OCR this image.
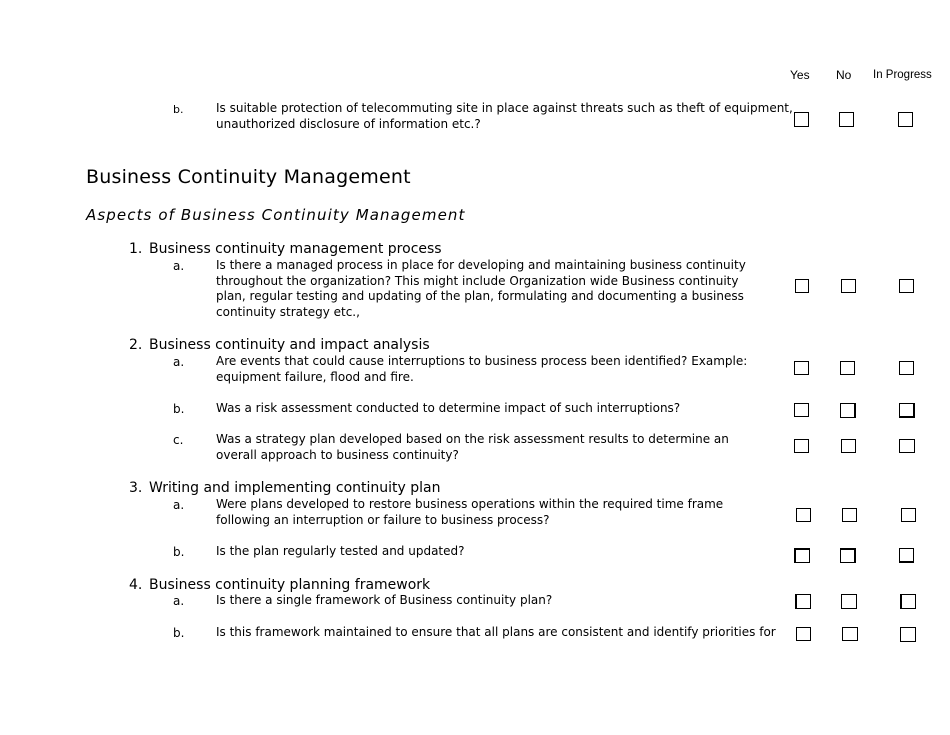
Yes No In Progress
b.	Is suitable protection of telecommuting site in place against threats such as theft of equipment,
unauthorized disclosure of information etc.?
Business Continuity Management
Aspects of Business Continuity Management
1. Business continuity management process
a.	Is there a managed process in place for developing and maintaining business continuity
throughout the organization? This might include Organization wide Business continuity
plan, regular testing and updating of the plan, formulating and documenting a business
continuity strategy etc.,
2. Business continuity and impact analysis
a.	Are events that could cause interruptions to business process been identified? Example:
equipment failure, flood and fire.
b.	Was a risk assessment conducted to determine impact of such interruptions?
c.	Was a strategy plan developed based on the risk assessment results to determine an
overall approach to business continuity?
3. Writing and implementing continuity plan
a.	Were plans developed to restore business operations within the required time frame
following an interruption or failure to business process?
b.	Is the plan regularly tested and updated?
4. Business continuity planning framework
a.	Is there a single framework of Business continuity plan?
b.	Is this framework maintained to ensure that all plans are consistent and identify priorities for
